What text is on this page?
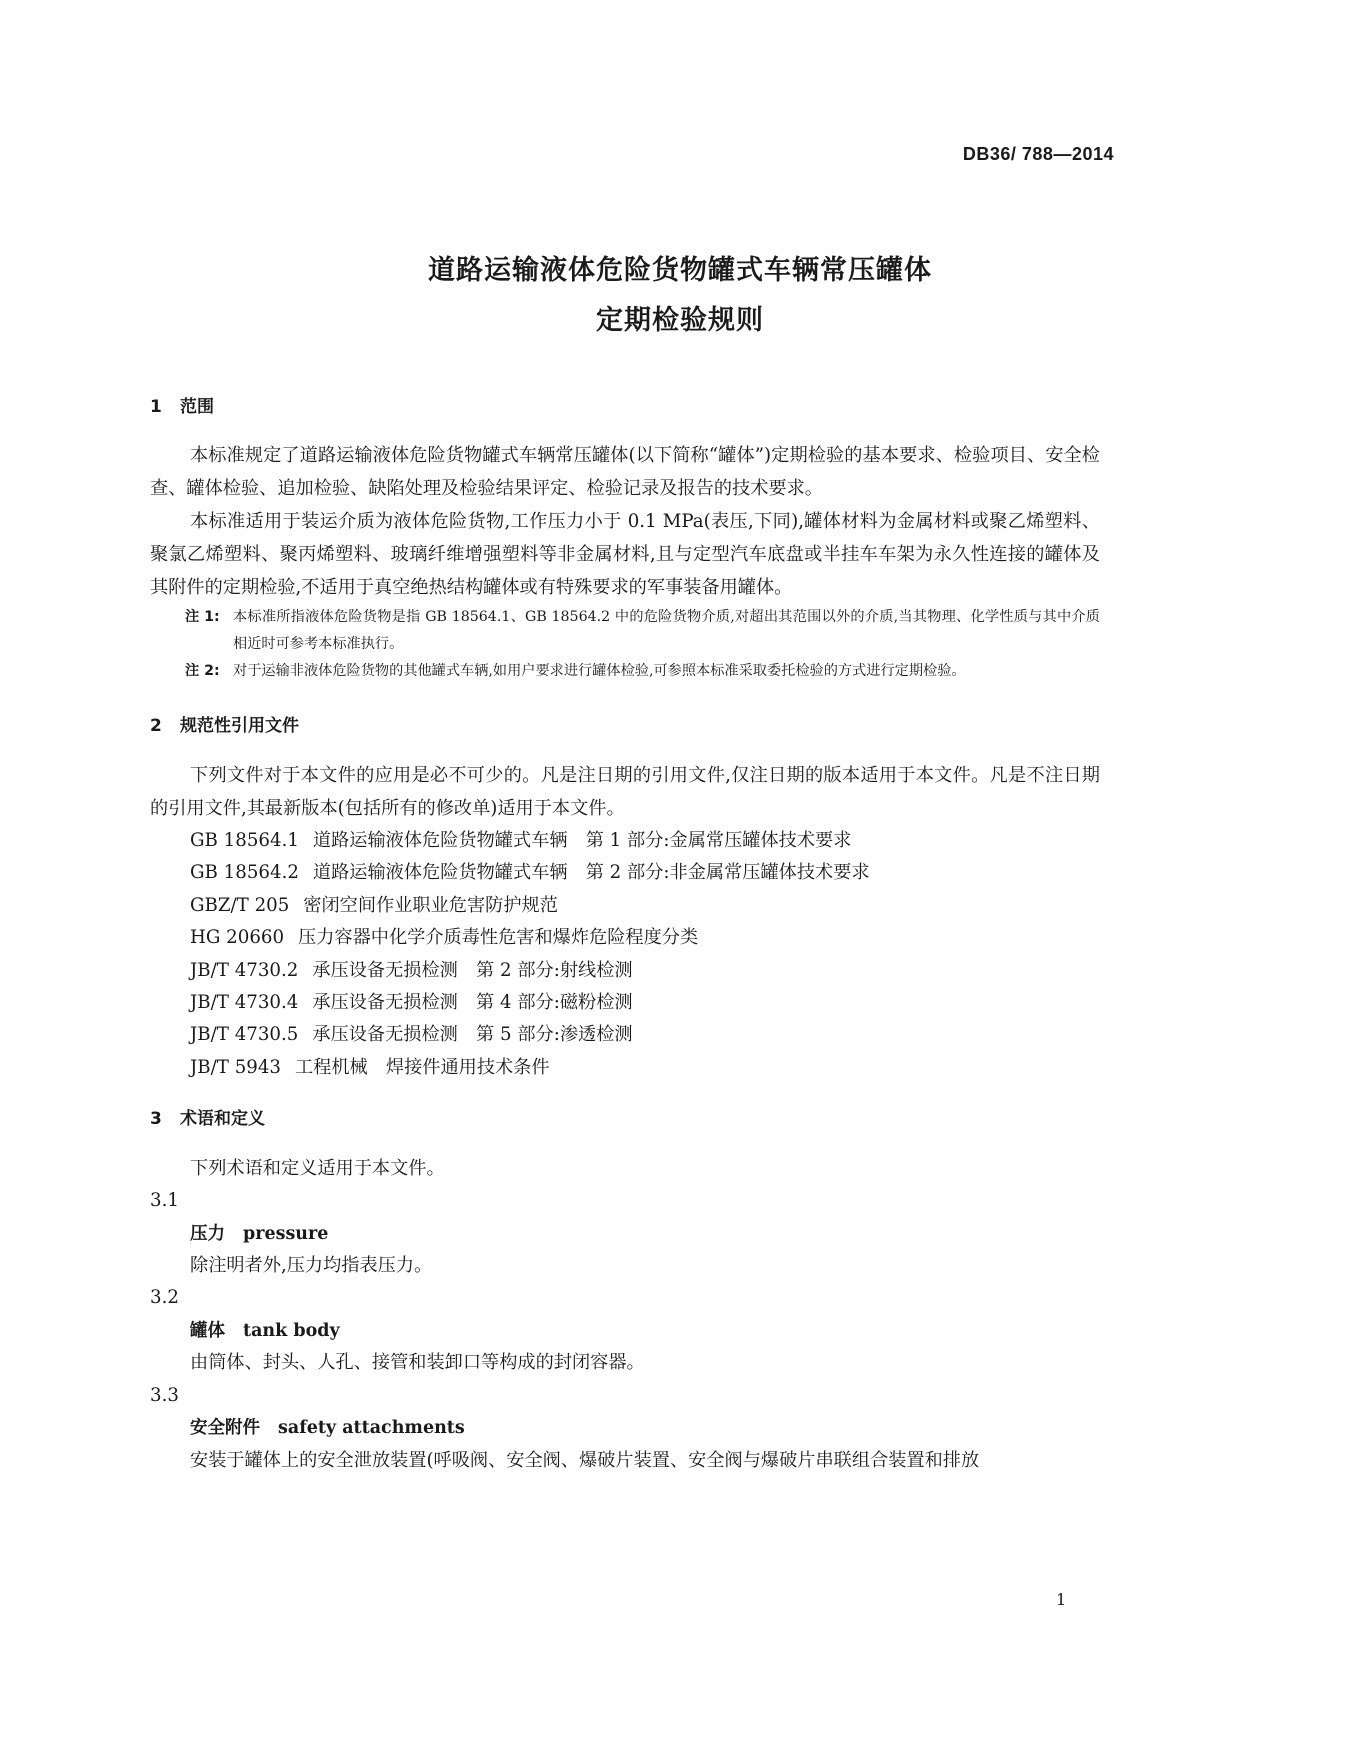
DB36/ 788—2014
道路运输液体危险货物罐式车辆常压罐体
定期检验规则
1 范围

本标准规定了道路运输液体危险货物罐式车辆常压罐体(以下简称“罐体”)定期检验的基本要求、检验项目、安全检查、罐体检验、追加检验、缺陷处理及检验结果评定、检验记录及报告的技术要求。

本标准适用于装运介质为液体危险货物,工作压力小于 0.1 MPa(表压,下同),罐体材料为金属材料或聚乙烯塑料、聚氯乙烯塑料、聚丙烯塑料、玻璃纤维增强塑料等非金属材料,且与定型汽车底盘或半挂车车架为永久性连接的罐体及其附件的定期检验,不适用于真空绝热结构罐体或有特殊要求的军事装备用罐体。

注 1: 本标准所指液体危险货物是指 GB 18564.1、GB 18564.2 中的危险货物介质,对超出其范围以外的介质,当其物理、化学性质与其中介质相近时可参考本标准执行。

注 2: 对于运输非液体危险货物的其他罐式车辆,如用户要求进行罐体检验,可参照本标准采取委托检验的方式进行定期检验。

2 规范性引用文件

下列文件对于本文件的应用是必不可少的。凡是注日期的引用文件,仅注日期的版本适用于本文件。凡是不注日期的引用文件,其最新版本(包括所有的修改单)适用于本文件。

GB 18564.1 道路运输液体危险货物罐式车辆　第 1 部分:金属常压罐体技术要求
GB 18564.2 道路运输液体危险货物罐式车辆　第 2 部分:非金属常压罐体技术要求
GBZ/T 205 密闭空间作业职业危害防护规范
HG 20660 压力容器中化学介质毒性危害和爆炸危险程度分类
JB/T 4730.2 承压设备无损检测　第 2 部分:射线检测
JB/T 4730.4 承压设备无损检测　第 4 部分:磁粉检测
JB/T 4730.5 承压设备无损检测　第 5 部分:渗透检测
JB/T 5943 工程机械　焊接件通用技术条件
3 术语和定义

下列术语和定义适用于本文件。

3.1
压力 pressure
除注明者外,压力均指表压力。
3.2
罐体 tank body
由筒体、封头、人孔、接管和装卸口等构成的封闭容器。
3.3
安全附件 safety attachments
安装于罐体上的安全泄放装置(呼吸阀、安全阀、爆破片装置、安全阀与爆破片串联组合装置和排放
1
